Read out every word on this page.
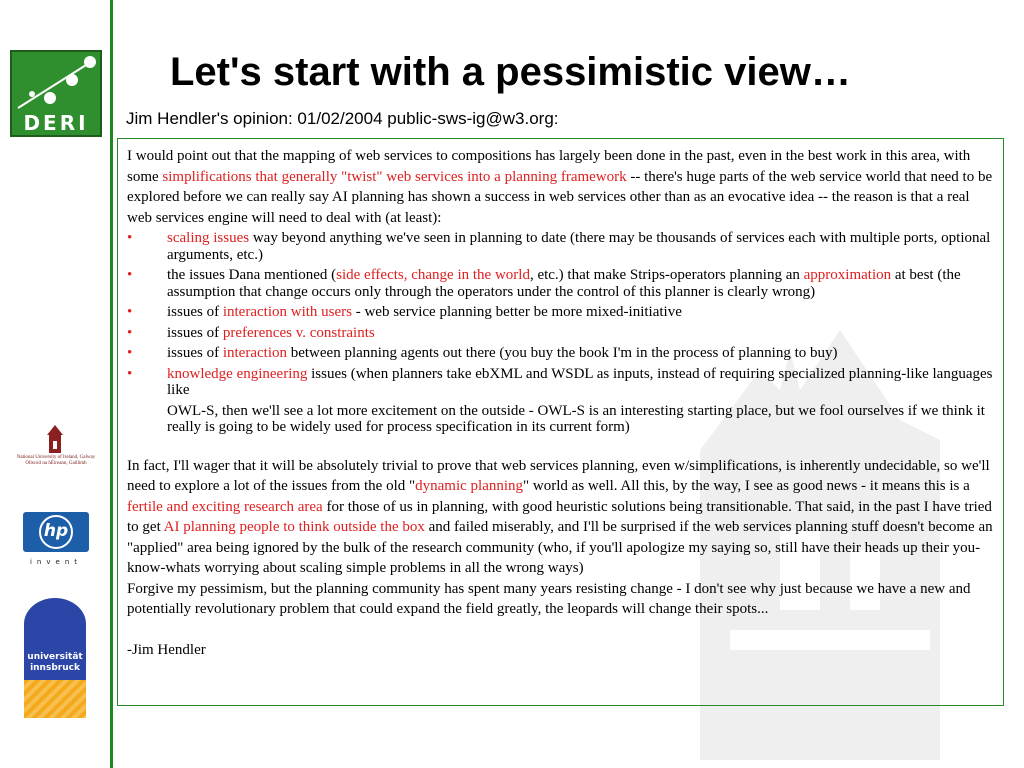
DERI
National University of Ireland, Galway
Ollscoil na hÉireann, Gaillimh
hp
invent
universität innsbruck
Let's start with a pessimistic view…
Jim Hendler's opinion: 01/02/2004 public-sws-ig@w3.org:

I would point out that the mapping of web services to compositions has largely been done in the past, even in the best work in this area, with some simplifications that generally "twist" web services into a planning framework -- there's huge parts of the web service world that need to be explored before we can really say AI planning has shown a success in web services other than as an evocative idea -- the reason is that a real web services engine will need to deal with (at least):

• scaling issues way beyond anything we've seen in planning to date (there may be thousands of services each with multiple ports, optional arguments, etc.)
• the issues Dana mentioned (side effects, change in the world, etc.) that make Strips-operators planning an approximation at best (the assumption that change occurs only through the operators under the control of this planner is clearly wrong)
• issues of interaction with users - web service planning better be more mixed-initiative
• issues of preferences v. constraints
• issues of interaction between planning agents out there (you buy the book I'm in the process of planning to buy)
• knowledge engineering issues (when planners take ebXML and WSDL as inputs, instead of requiring specialized planning-like languages like

OWL-S, then we'll see a lot more excitement on the outside - OWL-S is an interesting starting place, but we fool ourselves if we think it really is going to be widely used for process specification in its current form)

In fact, I'll wager that it will be absolutely trivial to prove that web services planning, even w/simplifications, is inherently undecidable, so we'll need to explore a lot of the issues from the old "dynamic planning" world as well. All this, by the way, I see as good news - it means this is a fertile and exciting research area for those of us in planning, with good heuristic solutions being transitionable. That said, in the past I have tried to get AI planning people to think outside the box and failed miserably, and I'll be surprised if the web services planning stuff doesn't become an "applied" area being ignored by the bulk of the research community (who, if you'll apologize my saying so, still have their heads up their you-know-whats worrying about scaling simple problems in all the wrong ways)

Forgive my pessimism, but the planning community has spent many years resisting change - I don't see why just because we have a new and potentially revolutionary problem that could expand the field greatly, the leopards will change their spots...

-Jim Hendler
